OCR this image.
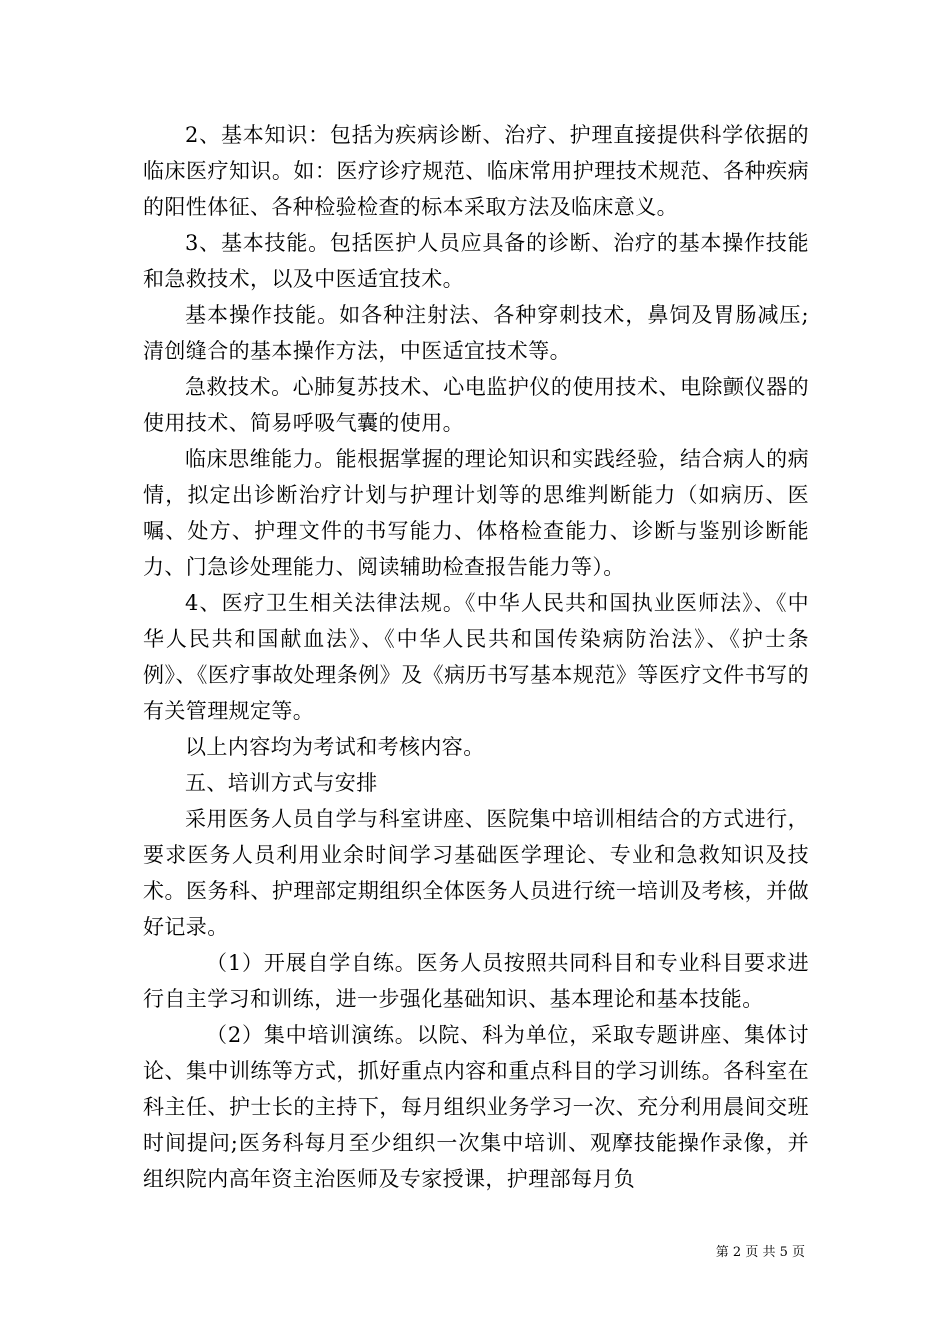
2、基本知识：包括为疾病诊断、治疗、护理直接提供科学依据的临床医疗知识。如：医疗诊疗规范、临床常用护理技术规范、各种疾病的阳性体征、各种检验检查的标本采取方法及临床意义。

3、基本技能。包括医护人员应具备的诊断、治疗的基本操作技能和急救技术，以及中医适宜技术。

基本操作技能。如各种注射法、各种穿刺技术，鼻饲及胃肠减压;清创缝合的基本操作方法，中医适宜技术等。

急救技术。心肺复苏技术、心电监护仪的使用技术、电除颤仪器的使用技术、简易呼吸气囊的使用。

临床思维能力。能根据掌握的理论知识和实践经验，结合病人的病情，拟定出诊断治疗计划与护理计划等的思维判断能力（如病历、医嘱、处方、护理文件的书写能力、体格检查能力、诊断与鉴别诊断能力、门急诊处理能力、阅读辅助检查报告能力等）。

4、医疗卫生相关法律法规。《中华人民共和国执业医师法》、《中华人民共和国献血法》、《中华人民共和国传染病防治法》、《护士条例》、《医疗事故处理条例》及《病历书写基本规范》等医疗文件书写的有关管理规定等。

以上内容均为考试和考核内容。

五、培训方式与安排

采用医务人员自学与科室讲座、医院集中培训相结合的方式进行，要求医务人员利用业余时间学习基础医学理论、专业和急救知识及技术。医务科、护理部定期组织全体医务人员进行统一培训及考核，并做好记录。

（1）开展自学自练。医务人员按照共同科目和专业科目要求进行自主学习和训练，进一步强化基础知识、基本理论和基本技能。

（2）集中培训演练。以院、科为单位，采取专题讲座、集体讨论、集中训练等方式，抓好重点内容和重点科目的学习训练。各科室在科主任、护士长的主持下，每月组织业务学习一次、充分利用晨间交班时间提问;医务科每月至少组织一次集中培训、观摩技能操作录像，并组织院内高年资主治医师及专家授课，护理部每月负

第 2 页 共 5 页
